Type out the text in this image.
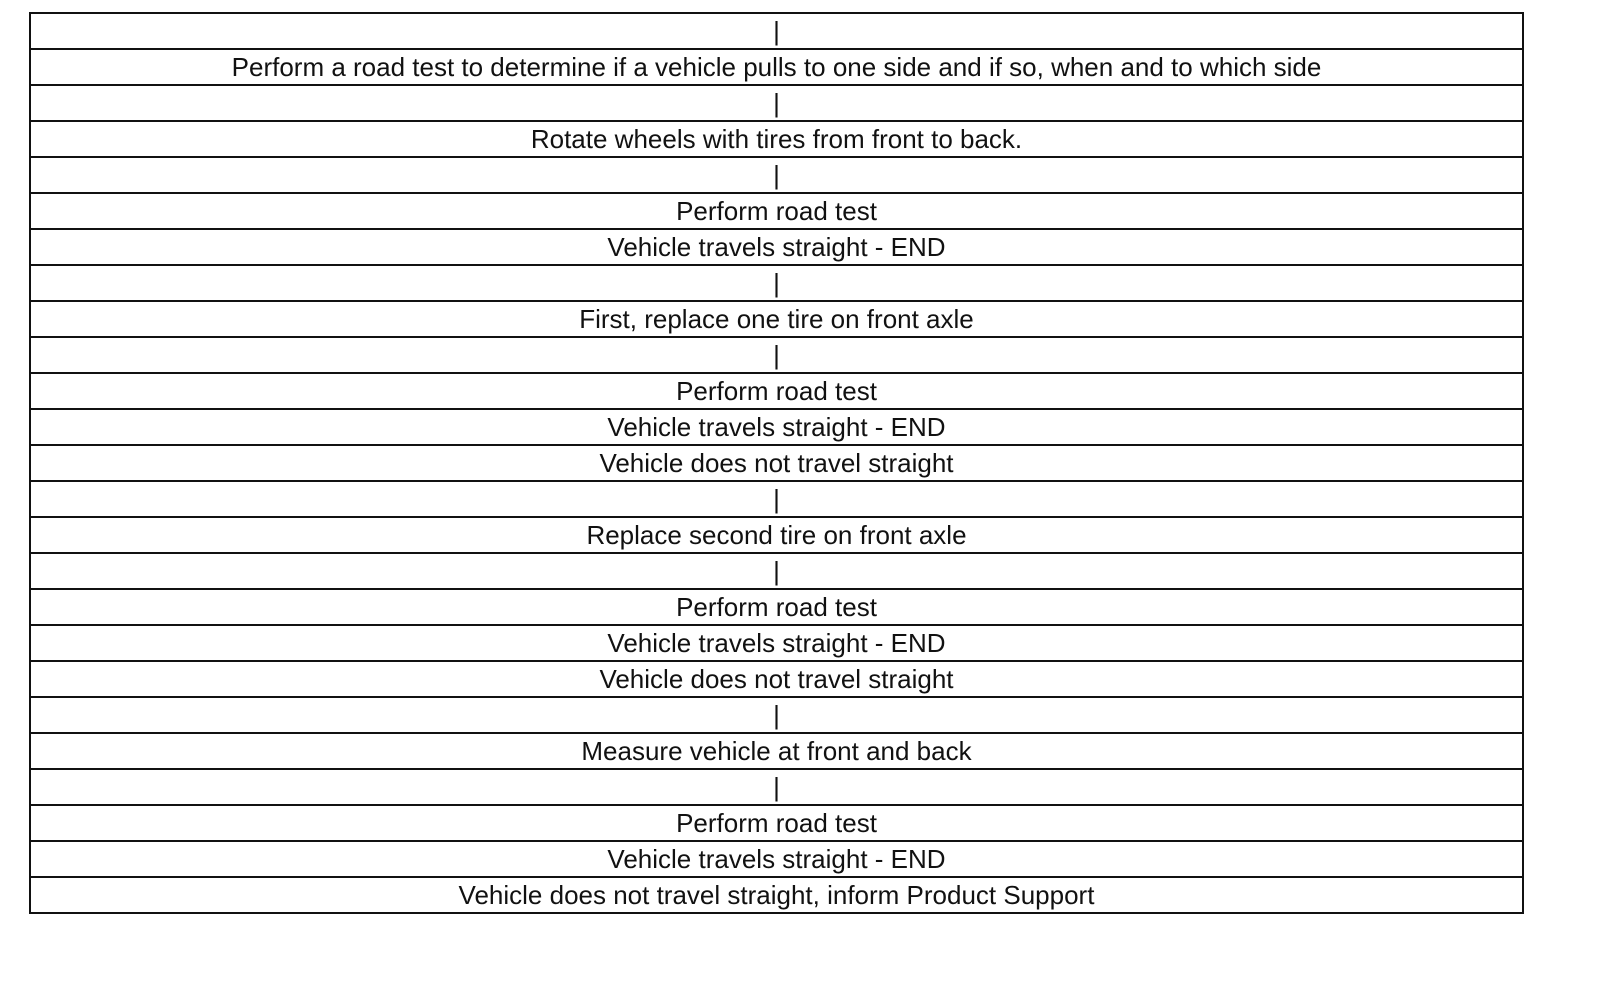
|
Perform a road test to determine if a vehicle pulls to one side and if so, when and to which side
|
Rotate wheels with tires from front to back.
|
Perform road test
Vehicle travels straight - END
|
First, replace one tire on front axle
|
Perform road test
Vehicle travels straight - END
Vehicle does not travel straight
|
Replace second tire on front axle
|
Perform road test
Vehicle travels straight - END
Vehicle does not travel straight
|
Measure vehicle at front and back
|
Perform road test
Vehicle travels straight - END
Vehicle does not travel straight, inform Product Support
